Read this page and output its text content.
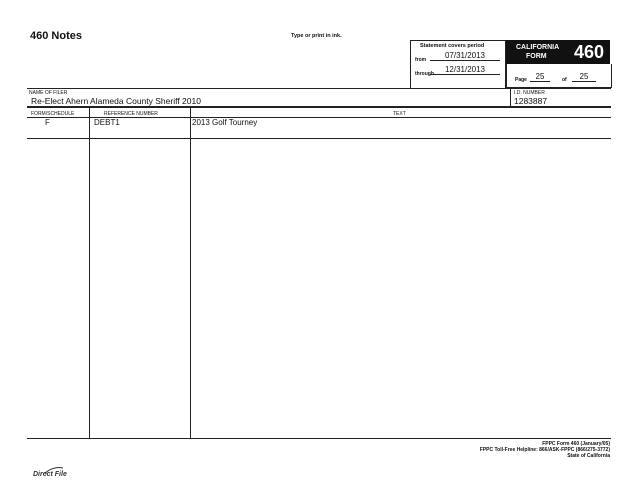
460 Notes	Type or print in ink.
Statement covers period
from	07/31/2013
through	12/31/2013
CALIFORNIA
FORM 460
Page	25	of	25
NAME OF FILER
Re-Elect Ahern Alameda County Sheriff 2010
I.D. NUMBER
1283887
FORM/SCHEDULE	REFERENCE NUMBER	TEXT
F	DEBT1	2013 Golf Tourney
FPPC Form 460 (January/05)
FPPC Toll-Free Helpline: 866/ASK-FPPC (866/275-3772)
State of California
Direct File
